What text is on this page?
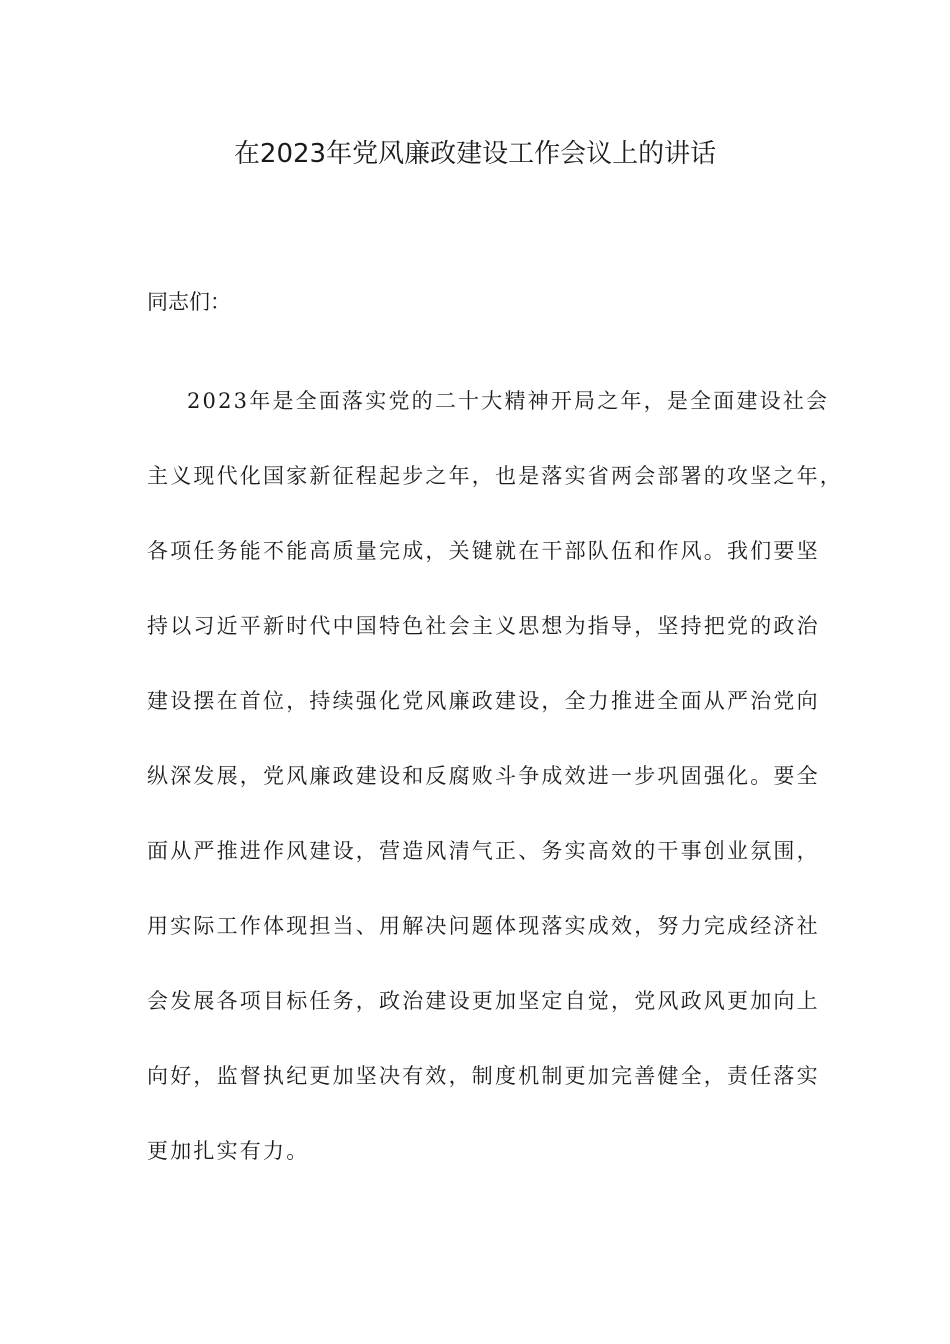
在2023年党风廉政建设工作会议上的讲话

同志们：

2023年是全面落实党的二十大精神开局之年，是全面建设社会
主义现代化国家新征程起步之年，也是落实省两会部署的攻坚之年，
各项任务能不能高质量完成，关键就在干部队伍和作风。我们要坚
持以习近平新时代中国特色社会主义思想为指导，坚持把党的政治
建设摆在首位，持续强化党风廉政建设，全力推进全面从严治党向
纵深发展，党风廉政建设和反腐败斗争成效进一步巩固强化。要全
面从严推进作风建设，营造风清气正、务实高效的干事创业氛围，
用实际工作体现担当、用解决问题体现落实成效，努力完成经济社
会发展各项目标任务，政治建设更加坚定自觉，党风政风更加向上
向好，监督执纪更加坚决有效，制度机制更加完善健全，责任落实
更加扎实有力。
